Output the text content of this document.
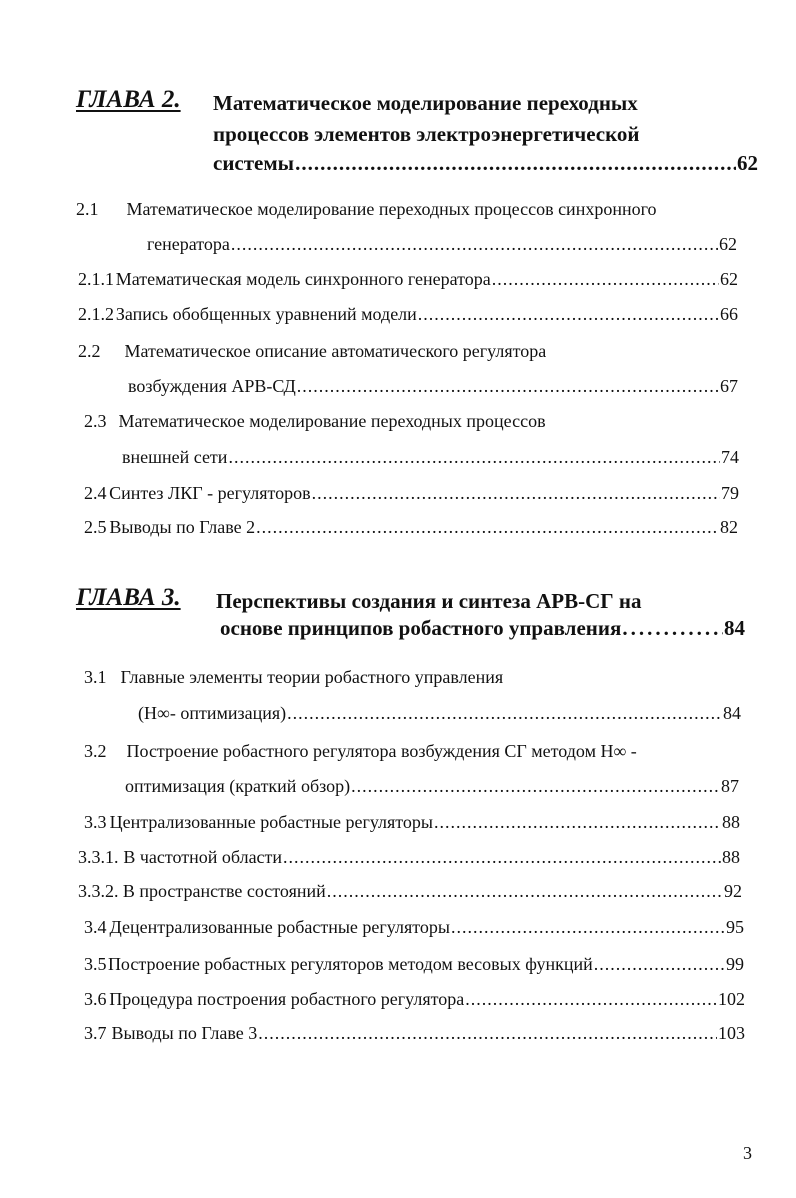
ГЛАВА 2. Математическое моделирование переходных
процессов элементов электроэнергетической
системы .....	62
2.1 Математическое моделирование переходных процессов синхронного
генератора .....	62
2.1.1 Математическая модель синхронного генератора .....	62
2.1.2 Запись обобщенных уравнений модели .....	66
2.2 Математическое описание автоматического регулятора
возбуждения АРВ-СД .....	67
2.3 Математическое моделирование переходных процессов
внешней сети .....	74
2.4 Синтез ЛКГ - регуляторов .....	79
2.5 Выводы по Главе 2 .....	82
ГЛАВА 3. Перспективы создания и синтеза АРВ-СГ на
основе принципов робастного управления .....	84
3.1 Главные элементы теории робастного управления
(H∞- оптимизация) .....	84
3.2 Построение робастного регулятора возбуждения СГ методом H∞ -
оптимизация (краткий обзор) .....	87
3.3 Централизованные робастные регуляторы .....	88
3.3.1. В частотной области .....	88
3.3.2. В пространстве состояний .....	92
3.4 Децентрализованные робастные регуляторы .....	95
3.5 Построение робастных регуляторов методом весовых функций .....	99
3.6 Процедура построения робастного регулятора .....	102
3.7 Выводы по Главе 3 .....	103
3
